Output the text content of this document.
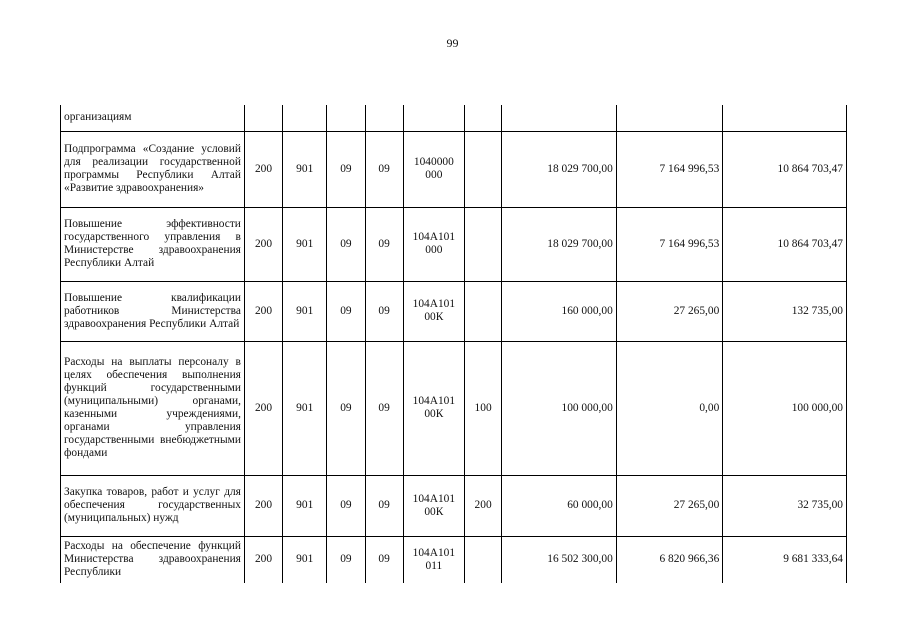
99
организациям									
Подпрограмма «Создание условий для реализации государственной программы Республики Алтай «Развитие здравоохранения»	200	901	09	09	1040000 000		18 029 700,00	7 164 996,53	10 864 703,47
Повышение эффективности государственного управления в Министерстве здравоохранения Республики Алтай	200	901	09	09	104А101 000		18 029 700,00	7 164 996,53	10 864 703,47
Повышение квалификации работников Министерства здравоохранения Республики Алтай	200	901	09	09	104А101 00К		160 000,00	27 265,00	132 735,00
Расходы на выплаты персоналу в целях обеспечения выполнения функций государственными (муниципальными) органами, казенными учреждениями, органами управления государственными внебюджетными фондами	200	901	09	09	104А101 00К	100	100 000,00	0,00	100 000,00
Закупка товаров, работ и услуг для обеспечения государственных (муниципальных) нужд	200	901	09	09	104А101 00К	200	60 000,00	27 265,00	32 735,00
Расходы на обеспечение функций Министерства здравоохранения Республики	200	901	09	09	104А101 011		16 502 300,00	6 820 966,36	9 681 333,64
